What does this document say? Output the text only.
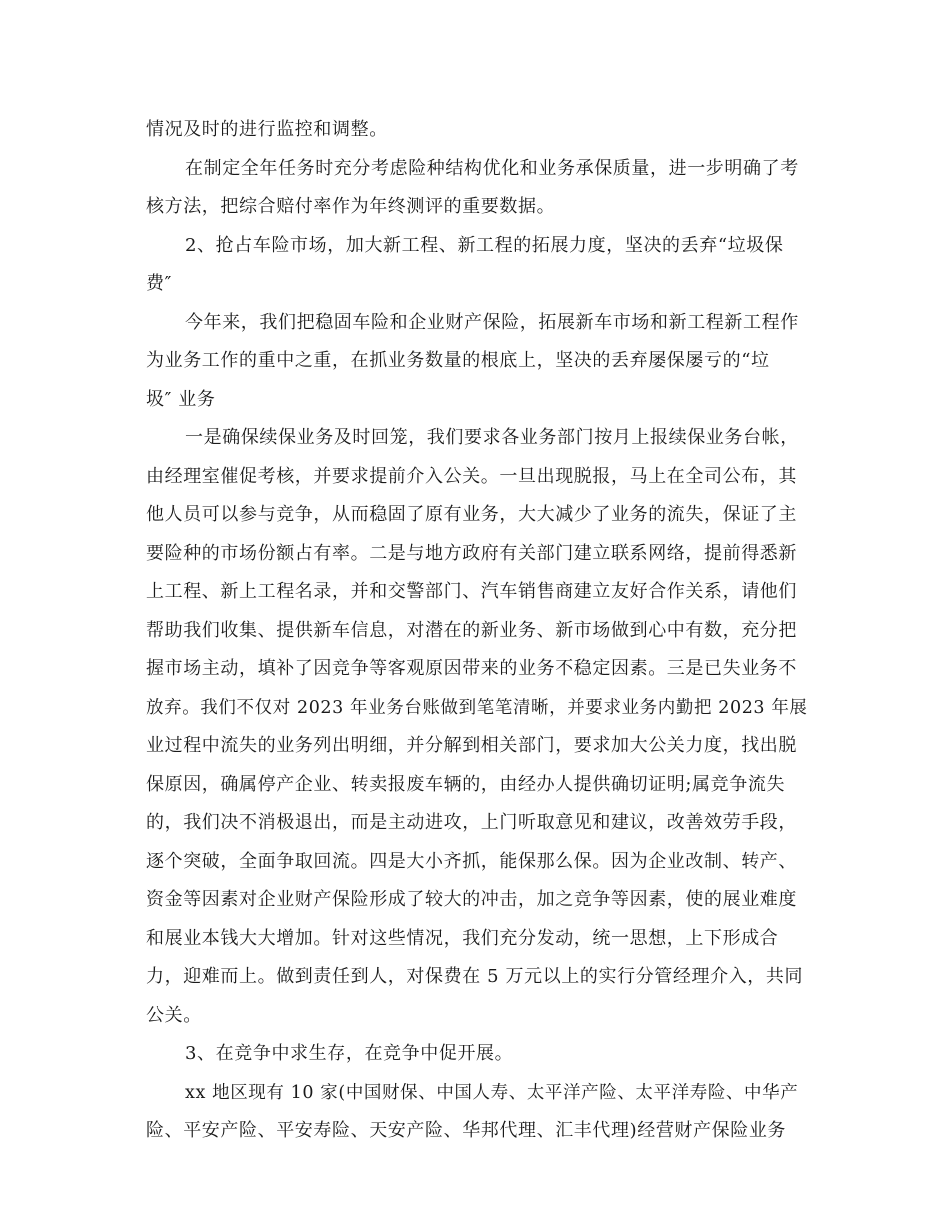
情况及时的进行监控和调整。
在制定全年任务时充分考虑险种结构优化和业务承保质量，进一步明确了考
核方法，把综合赔付率作为年终测评的重要数据。
2、抢占车险市场，加大新工程、新工程的拓展力度，坚决的丢弃“垃圾保
费″
今年来，我们把稳固车险和企业财产保险，拓展新车市场和新工程新工程作
为业务工作的重中之重，在抓业务数量的根底上，坚决的丢弃屡保屡亏的“垃
圾″ 业务
一是确保续保业务及时回笼，我们要求各业务部门按月上报续保业务台帐，
由经理室催促考核，并要求提前介入公关。一旦出现脱报，马上在全司公布，其
他人员可以参与竞争，从而稳固了原有业务，大大减少了业务的流失，保证了主
要险种的市场份额占有率。二是与地方政府有关部门建立联系网络，提前得悉新
上工程、新上工程名录，并和交警部门、汽车销售商建立友好合作关系，请他们
帮助我们收集、提供新车信息，对潜在的新业务、新市场做到心中有数，充分把
握市场主动，填补了因竞争等客观原因带来的业务不稳定因素。三是已失业务不
放弃。我们不仅对 2023 年业务台账做到笔笔清晰，并要求业务内勤把 2023 年展
业过程中流失的业务列出明细，并分解到相关部门，要求加大公关力度，找出脱
保原因，确属停产企业、转卖报废车辆的，由经办人提供确切证明;属竞争流失
的，我们决不消极退出，而是主动进攻，上门听取意见和建议，改善效劳手段，
逐个突破，全面争取回流。四是大小齐抓，能保那么保。因为企业改制、转产、
资金等因素对企业财产保险形成了较大的冲击，加之竞争等因素，使的展业难度
和展业本钱大大增加。针对这些情况，我们充分发动，统一思想，上下形成合
力，迎难而上。做到责任到人，对保费在 5 万元以上的实行分管经理介入，共同
公关。
3、在竞争中求生存，在竞争中促开展。
xx 地区现有 10 家(中国财保、中国人寿、太平洋产险、太平洋寿险、中华产
险、平安产险、平安寿险、天安产险、华邦代理、汇丰代理)经营财产保险业务
